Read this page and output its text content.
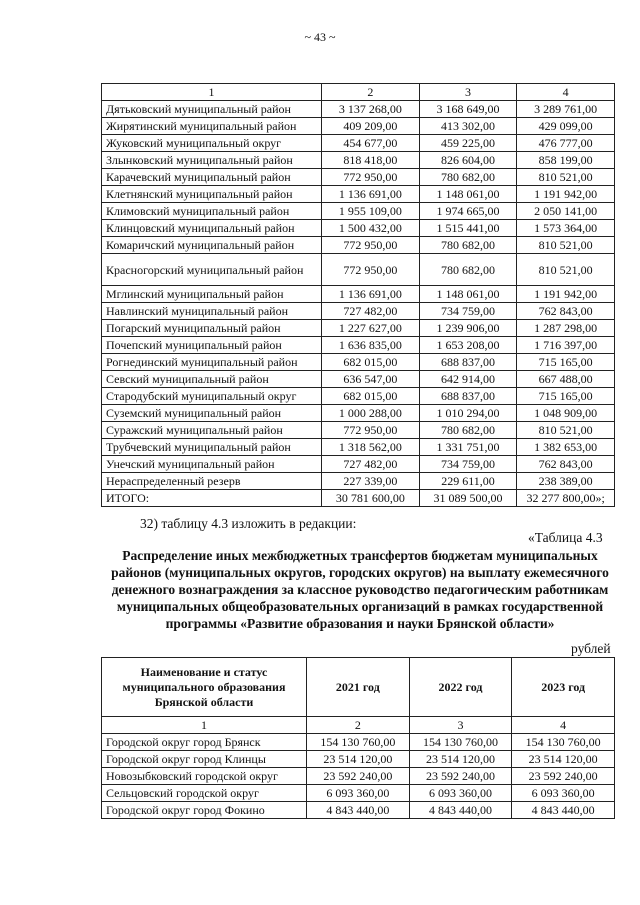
~ 43 ~
1	2	3	4
Дятьковский муниципальный район	3 137 268,00	3 168 649,00	3 289 761,00
Жирятинский муниципальный район	409 209,00	413 302,00	429 099,00
Жуковский муниципальный округ	454 677,00	459 225,00	476 777,00
Злынковский муниципальный район	818 418,00	826 604,00	858 199,00
Карачевский муниципальный район	772 950,00	780 682,00	810 521,00
Клетнянский муниципальный район	1 136 691,00	1 148 061,00	1 191 942,00
Климовский муниципальный район	1 955 109,00	1 974 665,00	2 050 141,00
Клинцовский муниципальный район	1 500 432,00	1 515 441,00	1 573 364,00
Комаричский муниципальный район	772 950,00	780 682,00	810 521,00
Красногорский муниципальный район	772 950,00	780 682,00	810 521,00
Мглинский муниципальный район	1 136 691,00	1 148 061,00	1 191 942,00
Навлинский муниципальный район	727 482,00	734 759,00	762 843,00
Погарский муниципальный район	1 227 627,00	1 239 906,00	1 287 298,00
Почепский муниципальный район	1 636 835,00	1 653 208,00	1 716 397,00
Рогнединский муниципальный район	682 015,00	688 837,00	715 165,00
Севский муниципальный район	636 547,00	642 914,00	667 488,00
Стародубский муниципальный округ	682 015,00	688 837,00	715 165,00
Суземский муниципальный район	1 000 288,00	1 010 294,00	1 048 909,00
Суражский муниципальный район	772 950,00	780 682,00	810 521,00
Трубчевский муниципальный район	1 318 562,00	1 331 751,00	1 382 653,00
Унечский муниципальный район	727 482,00	734 759,00	762 843,00
Нераспределенный резерв	227 339,00	229 611,00	238 389,00
ИТОГО:	30 781 600,00	31 089 500,00	32 277 800,00»;
32) таблицу 4.3 изложить в редакции:
«Таблица 4.3
Распределение иных межбюджетных трансфертов бюджетам муниципальных районов (муниципальных округов, городских округов) на выплату ежемесячного денежного вознаграждения за классное руководство педагогическим работникам муниципальных общеобразовательных организаций в рамках государственной программы «Развитие образования и науки Брянской области»
рублей
Наименование и статус муниципального образования Брянской области	2021 год	2022 год	2023 год
1	2	3	4
Городской округ город Брянск	154 130 760,00	154 130 760,00	154 130 760,00
Городской округ город Клинцы	23 514 120,00	23 514 120,00	23 514 120,00
Новозыбковский городской округ	23 592 240,00	23 592 240,00	23 592 240,00
Сельцовский городской округ	6 093 360,00	6 093 360,00	6 093 360,00
Городской округ город Фокино	4 843 440,00	4 843 440,00	4 843 440,00
